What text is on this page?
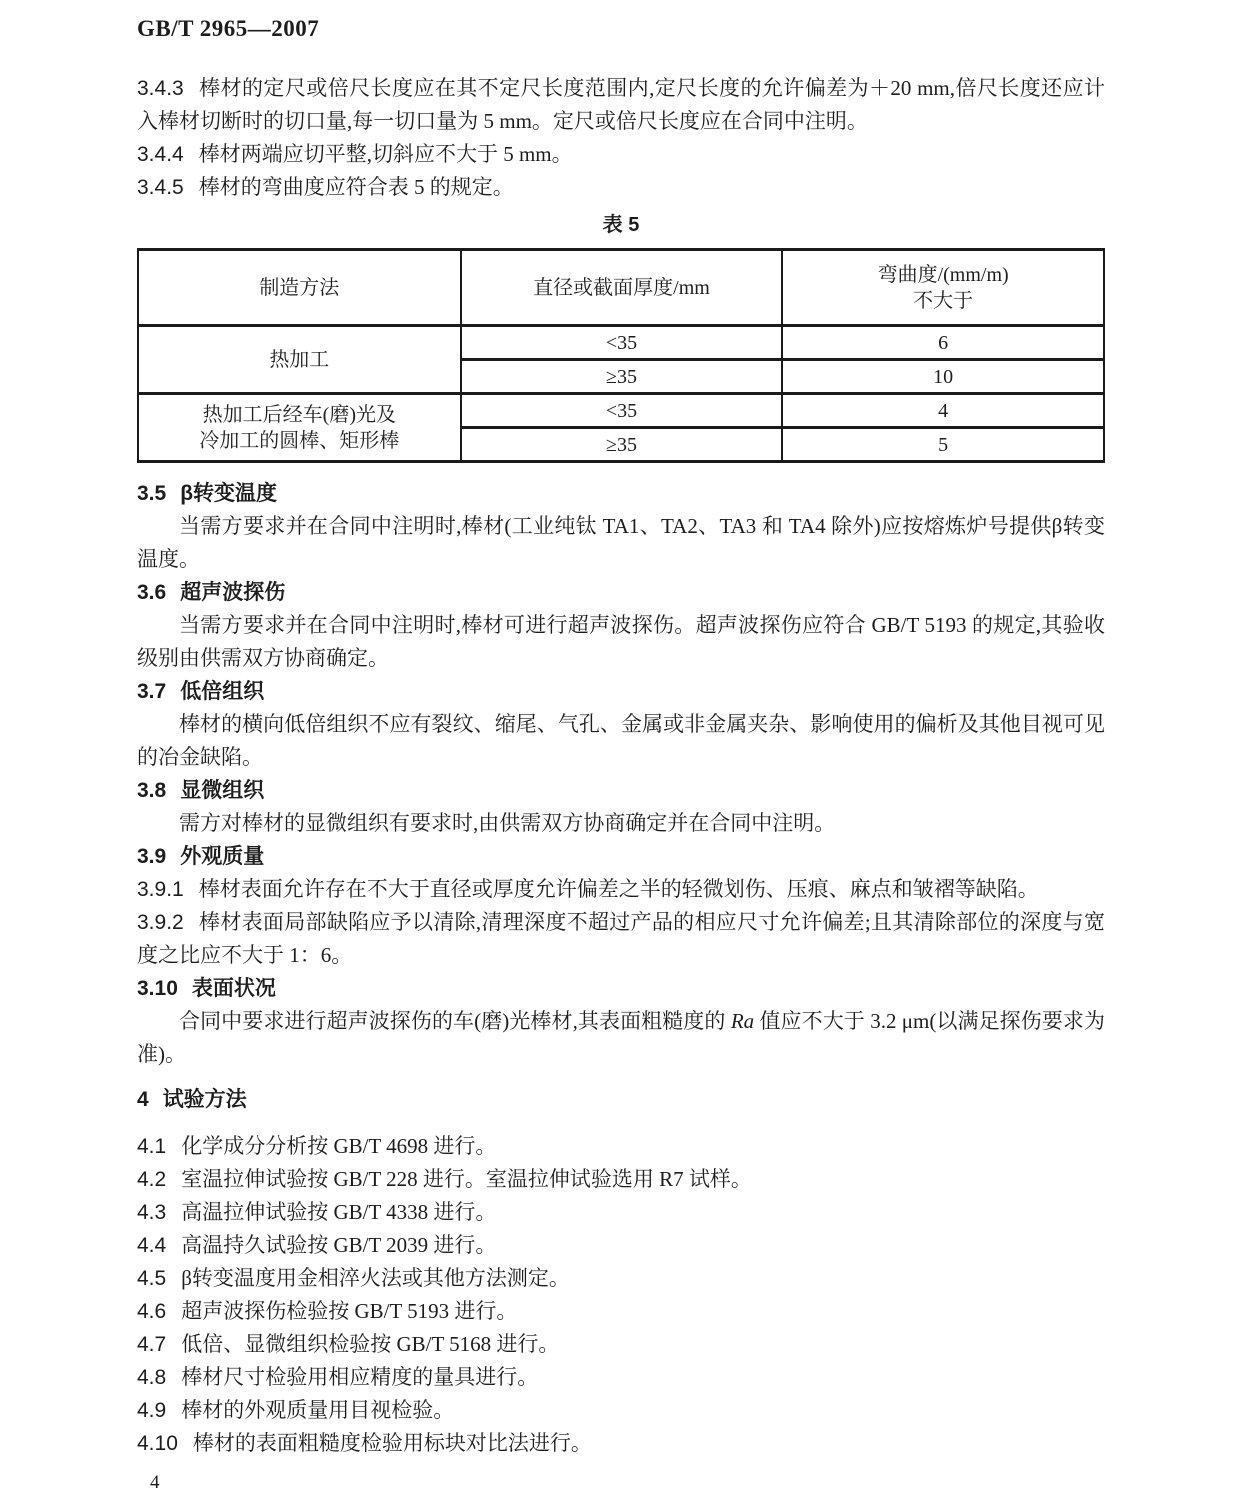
GB/T 2965—2007

3.4.3 棒材的定尺或倍尺长度应在其不定尺长度范围内,定尺长度的允许偏差为＋20 mm,倍尺长度还应计入棒材切断时的切口量,每一切口量为 5 mm。定尺或倍尺长度应在合同中注明。

3.4.4 棒材两端应切平整,切斜应不大于 5 mm。

3.4.5 棒材的弯曲度应符合表 5 的规定。

表 5
制造方法	直径或截面厚度/mm	弯曲度/(mm/m)
不大于

热加工	<35	6
	≥35	10

热加工后经车(磨)光及
冷加工的圆棒、矩形棒	<35	4
	≥35	5

3.5 β转变温度

当需方要求并在合同中注明时,棒材(工业纯钛 TA1、TA2、TA3 和 TA4 除外)应按熔炼炉号提供β转变温度。

3.6 超声波探伤

当需方要求并在合同中注明时,棒材可进行超声波探伤。超声波探伤应符合 GB/T 5193 的规定,其验收级别由供需双方协商确定。

3.7 低倍组织

棒材的横向低倍组织不应有裂纹、缩尾、气孔、金属或非金属夹杂、影响使用的偏析及其他目视可见的冶金缺陷。

3.8 显微组织

需方对棒材的显微组织有要求时,由供需双方协商确定并在合同中注明。

3.9 外观质量

3.9.1 棒材表面允许存在不大于直径或厚度允许偏差之半的轻微划伤、压痕、麻点和皱褶等缺陷。

3.9.2 棒材表面局部缺陷应予以清除,清理深度不超过产品的相应尺寸允许偏差;且其清除部位的深度与宽度之比应不大于 1：6。

3.10 表面状况

合同中要求进行超声波探伤的车(磨)光棒材,其表面粗糙度的 Ra 值应不大于 3.2 μm(以满足探伤要求为准)。

4 试验方法

4.1 化学成分分析按 GB/T 4698 进行。

4.2 室温拉伸试验按 GB/T 228 进行。室温拉伸试验选用 R7 试样。

4.3 高温拉伸试验按 GB/T 4338 进行。

4.4 高温持久试验按 GB/T 2039 进行。

4.5 β转变温度用金相淬火法或其他方法测定。

4.6 超声波探伤检验按 GB/T 5193 进行。

4.7 低倍、显微组织检验按 GB/T 5168 进行。

4.8 棒材尺寸检验用相应精度的量具进行。

4.9 棒材的外观质量用目视检验。

4.10 棒材的表面粗糙度检验用标块对比法进行。

4
